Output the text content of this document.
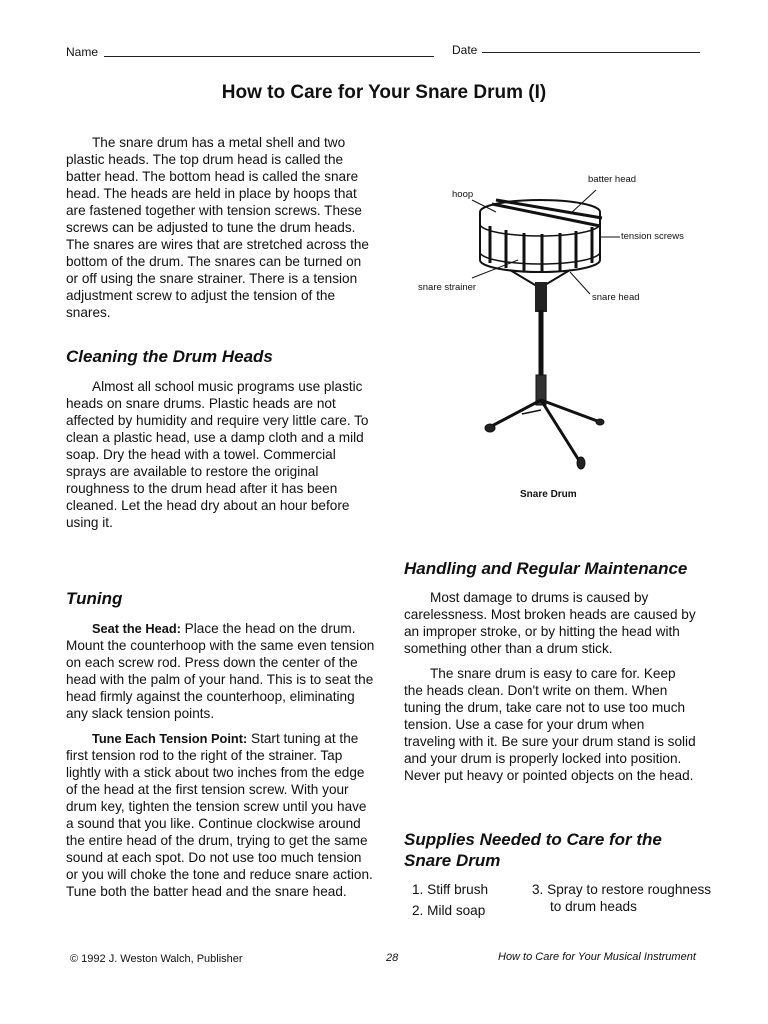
Name	Date
How to Care for Your Snare Drum (I)

The snare drum has a metal shell and two plastic heads. The top drum head is called the batter head. The bottom head is called the snare head. The heads are held in place by hoops that are fastened together with tension screws. These screws can be adjusted to tune the drum heads. The snares are wires that are stretched across the bottom of the drum. The snares can be turned on or off using the snare strainer. There is a tension adjustment screw to adjust the tension of the snares.

batter head
hoop
tension screws
snare strainer
snare head
Snare Drum
Cleaning the Drum Heads

Almost all school music programs use plastic heads on snare drums. Plastic heads are not affected by humidity and require very little care. To clean a plastic head, use a damp cloth and a mild soap. Dry the head with a towel. Commercial sprays are available to restore the original roughness to the drum head after it has been cleaned. Let the head dry about an hour before using it.

Tuning

Seat the Head: Place the head on the drum. Mount the counterhoop with the same even tension on each screw rod. Press down the center of the head with the palm of your hand. This is to seat the head firmly against the counterhoop, eliminating any slack tension points.

Tune Each Tension Point: Start tuning at the first tension rod to the right of the strainer. Tap lightly with a stick about two inches from the edge of the head at the first tension screw. With your drum key, tighten the tension screw until you have a sound that you like. Continue clockwise around the entire head of the drum, trying to get the same sound at each spot. Do not use too much tension or you will choke the tone and reduce snare action. Tune both the batter head and the snare head.

Handling and Regular Maintenance

Most damage to drums is caused by carelessness. Most broken heads are caused by an improper stroke, or by hitting the head with something other than a drum stick.

The snare drum is easy to care for. Keep the heads clean. Don't write on them. When tuning the drum, take care not to use too much tension. Use a case for your drum when traveling with it. Be sure your drum stand is solid and your drum is properly locked into position. Never put heavy or pointed objects on the head.

Supplies Needed to Care for the
Snare Drum
1. Stiff brush
2. Mild soap
3. Spray to restore roughness to drum heads
© 1992 J. Weston Walch, Publisher	28	How to Care for Your Musical Instrument
